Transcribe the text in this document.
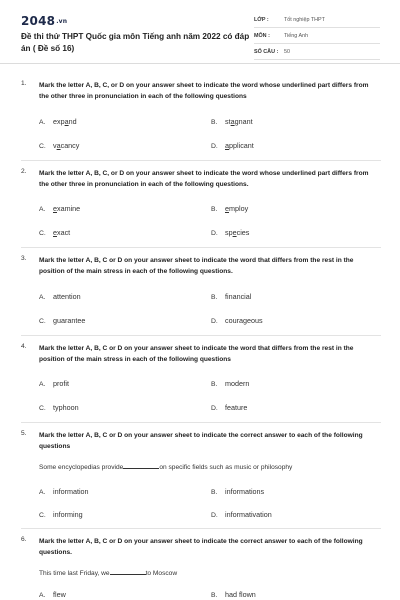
2048.vn
Đề thi thử THPT Quốc gia môn Tiếng anh năm 2022 có đáp án ( Đề số 16)
LỚP :	Tốt nghiệp THPT
MÔN :	Tiếng Anh
SỐ CÂU : 50
1. Mark the letter A, B, C, or D on your answer sheet to indicate the word whose underlined part differs from the other three in pronunciation in each of the following questions
A. expand	B. stagnant
C. vacancy	D. applicant
2. Mark the letter A, B, C, or D on your answer sheet to indicate the word whose underlined part differs from the other three in pronunciation in each of the following questions.
A. examine	B. employ
C. exact	D. species
3. Mark the letter A, B, C or D on your answer sheet to indicate the word that differs from the rest in the position of the main stress in each of the following questions.
A. attention	B. financial
C. guarantee	D. courageous
4. Mark the letter A, B, C or D on your answer sheet to indicate the word that differs from the rest in the position of the main stress in each of the following questions
A. profit	B. modern
C. typhoon	D. feature
5. Mark the letter A, B, C or D on your answer sheet to indicate the correct answer to each of the following questions
Some encyclopedias provide	on specific fields such as music or philosophy
A. information	B. informations
C. informing	D. informativation
6. Mark the letter A, B, C or D on your answer sheet to indicate the correct answer to each of the following questions.
This time last Friday, we	to Moscow
A. flew	B. had flown
